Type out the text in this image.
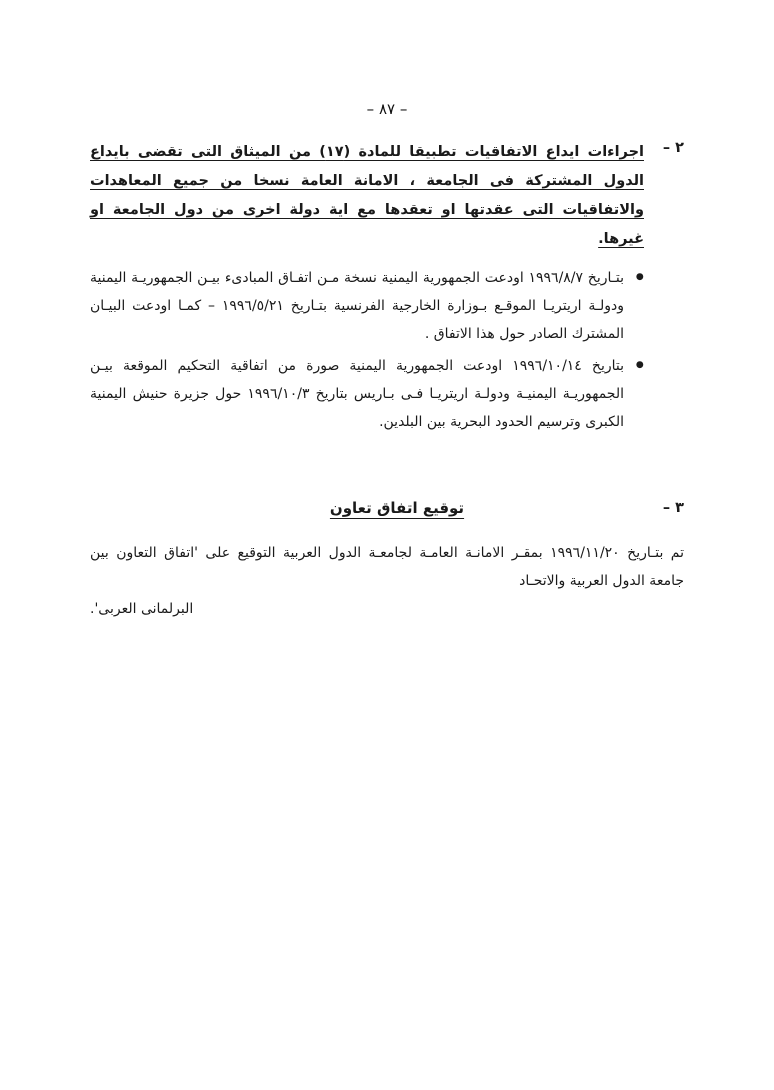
– ٨٧ –
٢ –
اجراءات ايداع الاتفاقيات تطبيقا للمادة (١٧) من الميثاق التى تقضى بايداع الدول المشتركة فى الجامعة ، الامانة العامة نسخا من جميع المعاهدات والاتفاقيات التى عقدتها او تعقدها مع اية دولة اخرى من دول الجامعة او غيرها.
● بتـاريخ ١٩٩٦/٨/٧ اودعت الجمهورية اليمنية نسخة مـن اتفـاق المبادىء بيـن الجمهوريـة اليمنية ودولـة اريتريـا الموقـع بـوزارة الخارجية الفرنسية بتـاريخ ١٩٩٦/٥/٢١ – كمـا اودعت البيـان المشترك الصادر حول هذا الاتفاق .
● بتاريخ ١٩٩٦/١٠/١٤ اودعت الجمهورية اليمنية صورة من اتفاقية التحكيم الموقعة بيـن الجمهوريـة اليمنيـة ودولـة اريتريـا فـى بـاريس بتاريخ ١٩٩٦/١٠/٣ حول جزيرة حنيش اليمنية الكبرى وترسيم الحدود البحرية بين البلدين.
٣ –
توقيع اتفاق تعاون
تم بتـاريخ ١٩٩٦/١١/٢٠ بمقـر الامانـة العامـة لجامعـة الدول العربية التوقيع على 'اتفاق التعاون بين جامعة الدول العربية والاتحـاد
البرلمانى العربى'.
